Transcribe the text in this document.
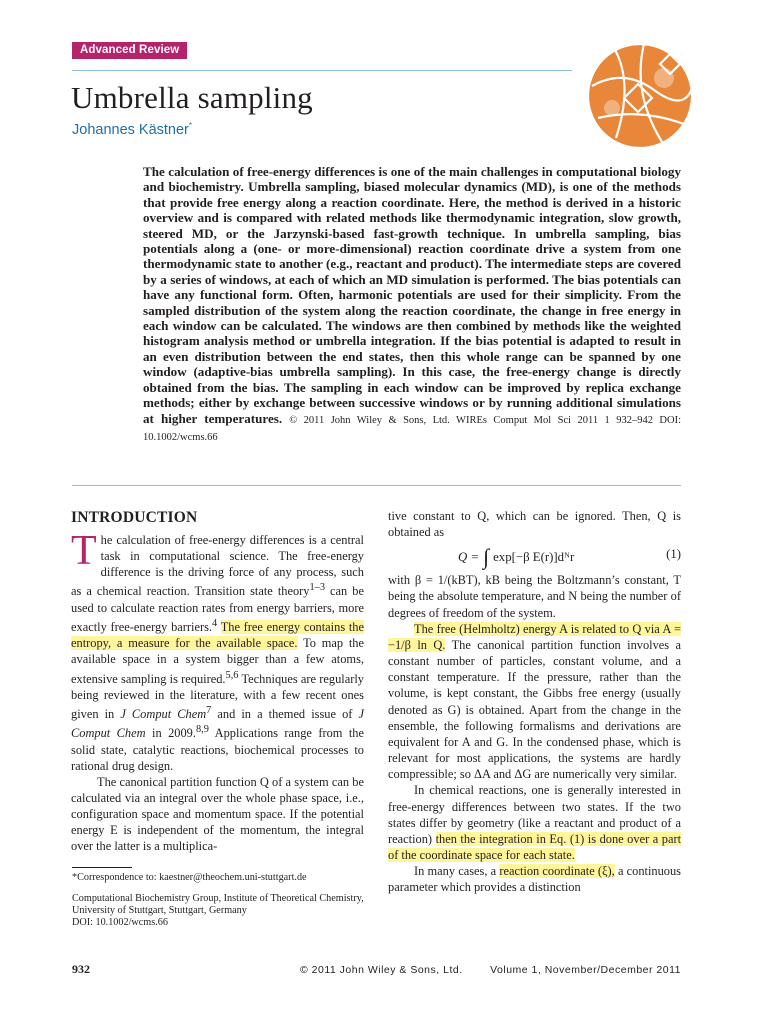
Advanced Review
Umbrella sampling
Johannes Kästner*

The calculation of free-energy differences is one of the main challenges in computational biology and biochemistry. Umbrella sampling, biased molecular dynamics (MD), is one of the methods that provide free energy along a reaction coordinate. Here, the method is derived in a historic overview and is compared with related methods like thermodynamic integration, slow growth, steered MD, or the Jarzynski-based fast-growth technique. In umbrella sampling, bias potentials along a (one- or more-dimensional) reaction coordinate drive a system from one thermodynamic state to another (e.g., reactant and product). The intermediate steps are covered by a series of windows, at each of which an MD simulation is performed. The bias potentials can have any functional form. Often, harmonic potentials are used for their simplicity. From the sampled distribution of the system along the reaction coordinate, the change in free energy in each window can be calculated. The windows are then combined by methods like the weighted histogram analysis method or umbrella integration. If the bias potential is adapted to result in an even distribution between the end states, then this whole range can be spanned by one window (adaptive-bias umbrella sampling). In this case, the free-energy change is directly obtained from the bias. The sampling in each window can be improved by replica exchange methods; either by exchange between successive windows or by running additional simulations at higher temperatures. © 2011 John Wiley & Sons, Ltd. WIREs Comput Mol Sci 2011 1 932–942 DOI: 10.1002/wcms.66

INTRODUCTION

The calculation of free-energy differences is a central task in computational science. The free-energy difference is the driving force of any process, such as a chemical reaction. Transition state theory$^{1-3}$ can be used to calculate reaction rates from energy barriers, more exactly free-energy barriers.$^4$ The free energy contains the entropy, a measure for the available space. To map the available space in a system bigger than a few atoms, extensive sampling is required.$^{5,6}$ Techniques are regularly being reviewed in the literature, with a few recent ones given in J Comput Chem$^7$ and in a themed issue of J Comput Chem in 2009.$^{8,9}$ Applications range from the solid state, catalytic reactions, biochemical processes to rational drug design.

The canonical partition function Q of a system can be calculated via an integral over the whole phase space, i.e., configuration space and momentum space. If the potential energy E is independent of the momentum, the integral over the latter is a multiplica-

tive constant to Q, which can be ignored. Then, Q is obtained as

Q = ∫ exp[−β E(r)]dᴺr	(1)

with β = 1/(kBT), kB being the Boltzmann’s constant, T being the absolute temperature, and N being the number of degrees of freedom of the system.

The free (Helmholtz) energy A is related to Q via A = −1/β ln Q. The canonical partition function involves a constant number of particles, constant volume, and a constant temperature. If the pressure, rather than the volume, is kept constant, the Gibbs free energy (usually denoted as G) is obtained. Apart from the change in the ensemble, the following formalisms and derivations are equivalent for A and G. In the condensed phase, which is relevant for most applications, the systems are hardly compressible; so ΔA and ΔG are numerically very similar.

In chemical reactions, one is generally interested in free-energy differences between two states. If the two states differ by geometry (like a reactant and product of a reaction) then the integration in Eq. (1) is done over a part of the coordinate space for each state.

In many cases, a reaction coordinate (ξ), a continuous parameter which provides a distinction

*Correspondence to: kaestner@theochem.uni-stuttgart.de
Computational Biochemistry Group, Institute of Theoretical Chemistry, University of Stuttgart, Stuttgart, Germany
DOI: 10.1002/wcms.66
932	© 2011 John Wiley & Sons, Ltd.	Volume 1, November/December 2011
